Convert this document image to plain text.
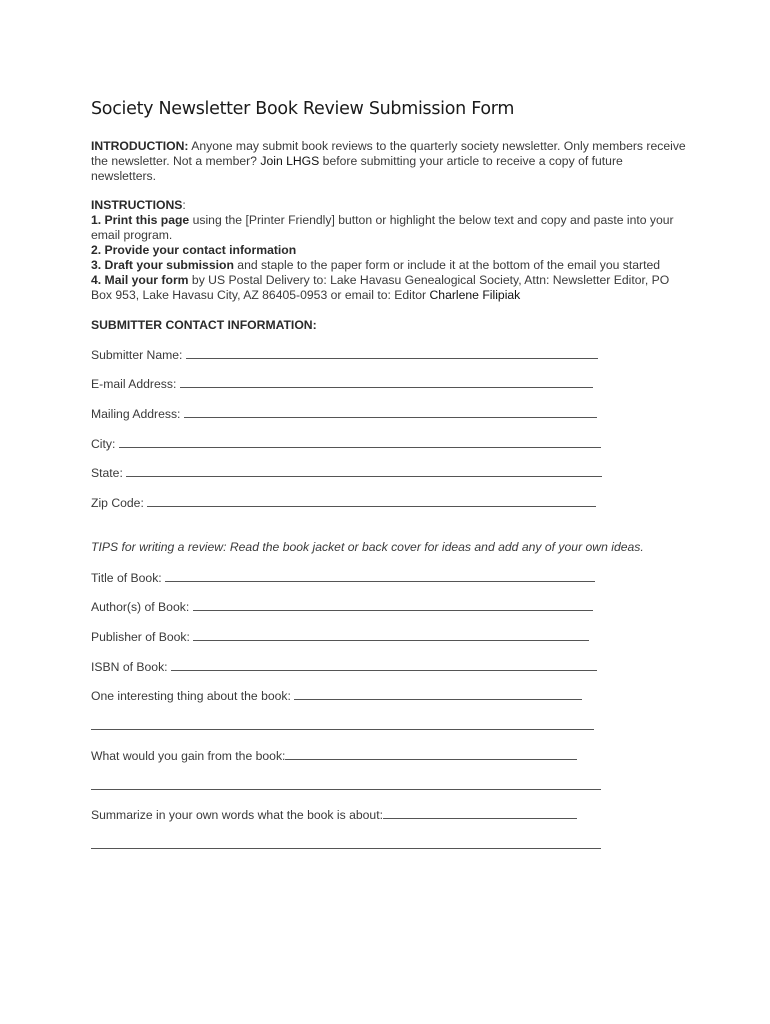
Society Newsletter Book Review Submission Form
INTRODUCTION: Anyone may submit book reviews to the quarterly society newsletter. Only members receive the newsletter. Not a member? Join LHGS before submitting your article to receive a copy of future newsletters.
INSTRUCTIONS:
1. Print this page using the [Printer Friendly] button or highlight the below text and copy and paste into your email program.
2. Provide your contact information
3. Draft your submission and staple to the paper form or include it at the bottom of the email you started
4. Mail your form by US Postal Delivery to: Lake Havasu Genealogical Society, Attn: Newsletter Editor, PO Box 953, Lake Havasu City, AZ 86405-0953 or email to: Editor Charlene Filipiak
SUBMITTER CONTACT INFORMATION:
Submitter Name:
E-mail Address:
Mailing Address:
City:
State:
Zip Code:
TIPS for writing a review: Read the book jacket or back cover for ideas and add any of your own ideas.
Title of Book:
Author(s) of Book:
Publisher of Book:
ISBN of Book:
One interesting thing about the book:
What would you gain from the book:
Summarize in your own words what the book is about:
